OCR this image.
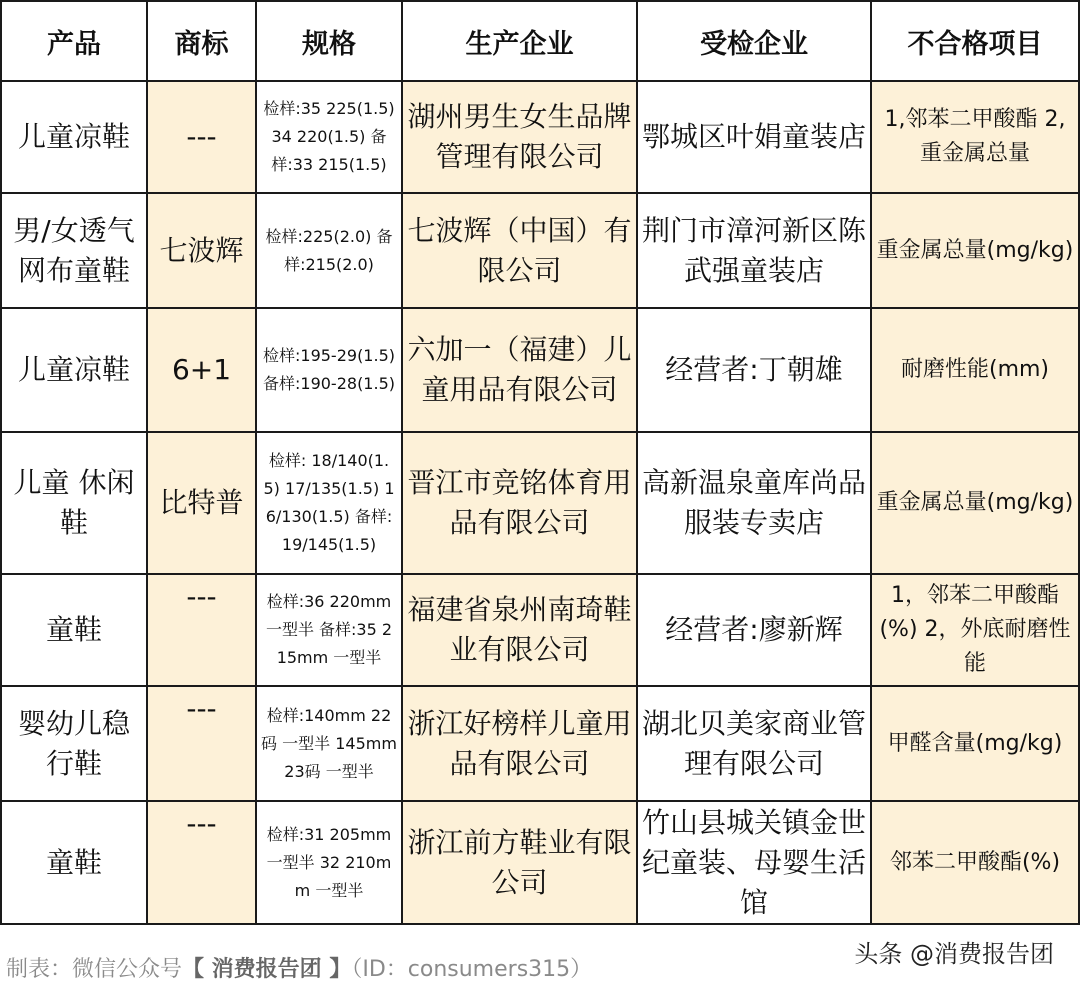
产品	商标	规格	生产企业	受检企业	不合格项目
儿童凉鞋	---	检样:35 225(1.5) 34 220(1.5) 备样:33 215(1.5)	湖州男生女生品牌管理有限公司	鄂城区叶娟童装店	1,邻苯二甲酸酯 2,重金属总量
男/女透气网布童鞋	七波辉	检样:225(2.0) 备样:215(2.0)	七波辉（中国）有限公司	荆门市漳河新区陈武强童装店	重金属总量(mg/kg)
儿童凉鞋	6+1	检样:195-29(1.5) 备样:190-28(1.5)	六加一（福建）儿童用品有限公司	经营者:丁朝雄	耐磨性能(mm)
儿童 休闲鞋	比特普	检样: 18/140(1.5) 17/135(1.5) 16/130(1.5) 备样: 19/145(1.5)	晋江市竞铭体育用品有限公司	高新温泉童库尚品服装专卖店	重金属总量(mg/kg)
童鞋	---	检样:36 220mm 一型半 备样:35 215mm 一型半	福建省泉州南琦鞋业有限公司	经营者:廖新辉	1，邻苯二甲酸酯(%) 2，外底耐磨性能
婴幼儿稳行鞋	---	检样:140mm 22码 一型半 145mm 23码 一型半	浙江好榜样儿童用品有限公司	湖北贝美家商业管理有限公司	甲醛含量(mg/kg)
童鞋	---	检样:31 205mm 一型半 32 210mm 一型半	浙江前方鞋业有限公司	竹山县城关镇金世纪童装、母婴生活馆	邻苯二甲酸酯(%)
制表：微信公众号【 消费报告团 】（ID：consumers315）
头条 @消费报告团
